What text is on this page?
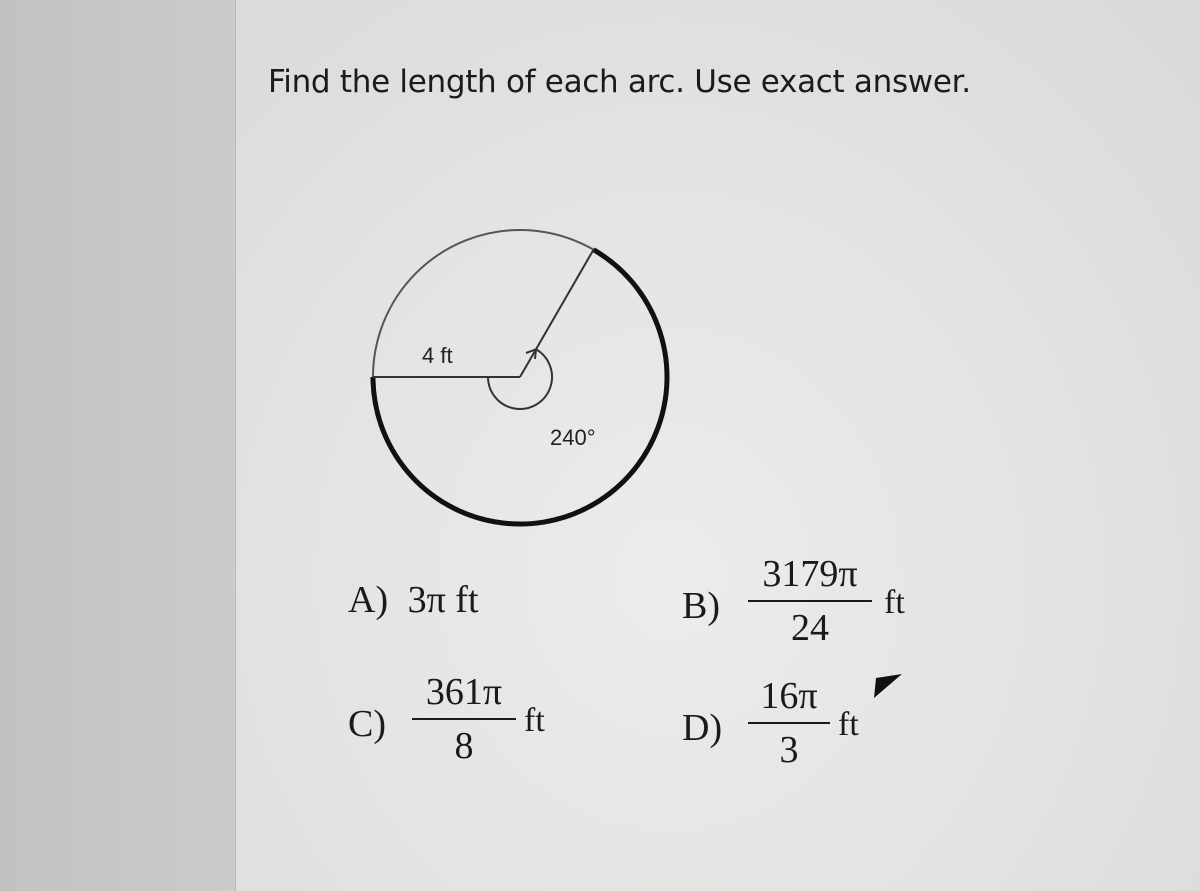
Find the length of each arc. Use exact answer.
4 ft
240°
A) 3π ft	B)
3179π
24
ft
C)
361π
8
ft	D)
16π
3
ft
